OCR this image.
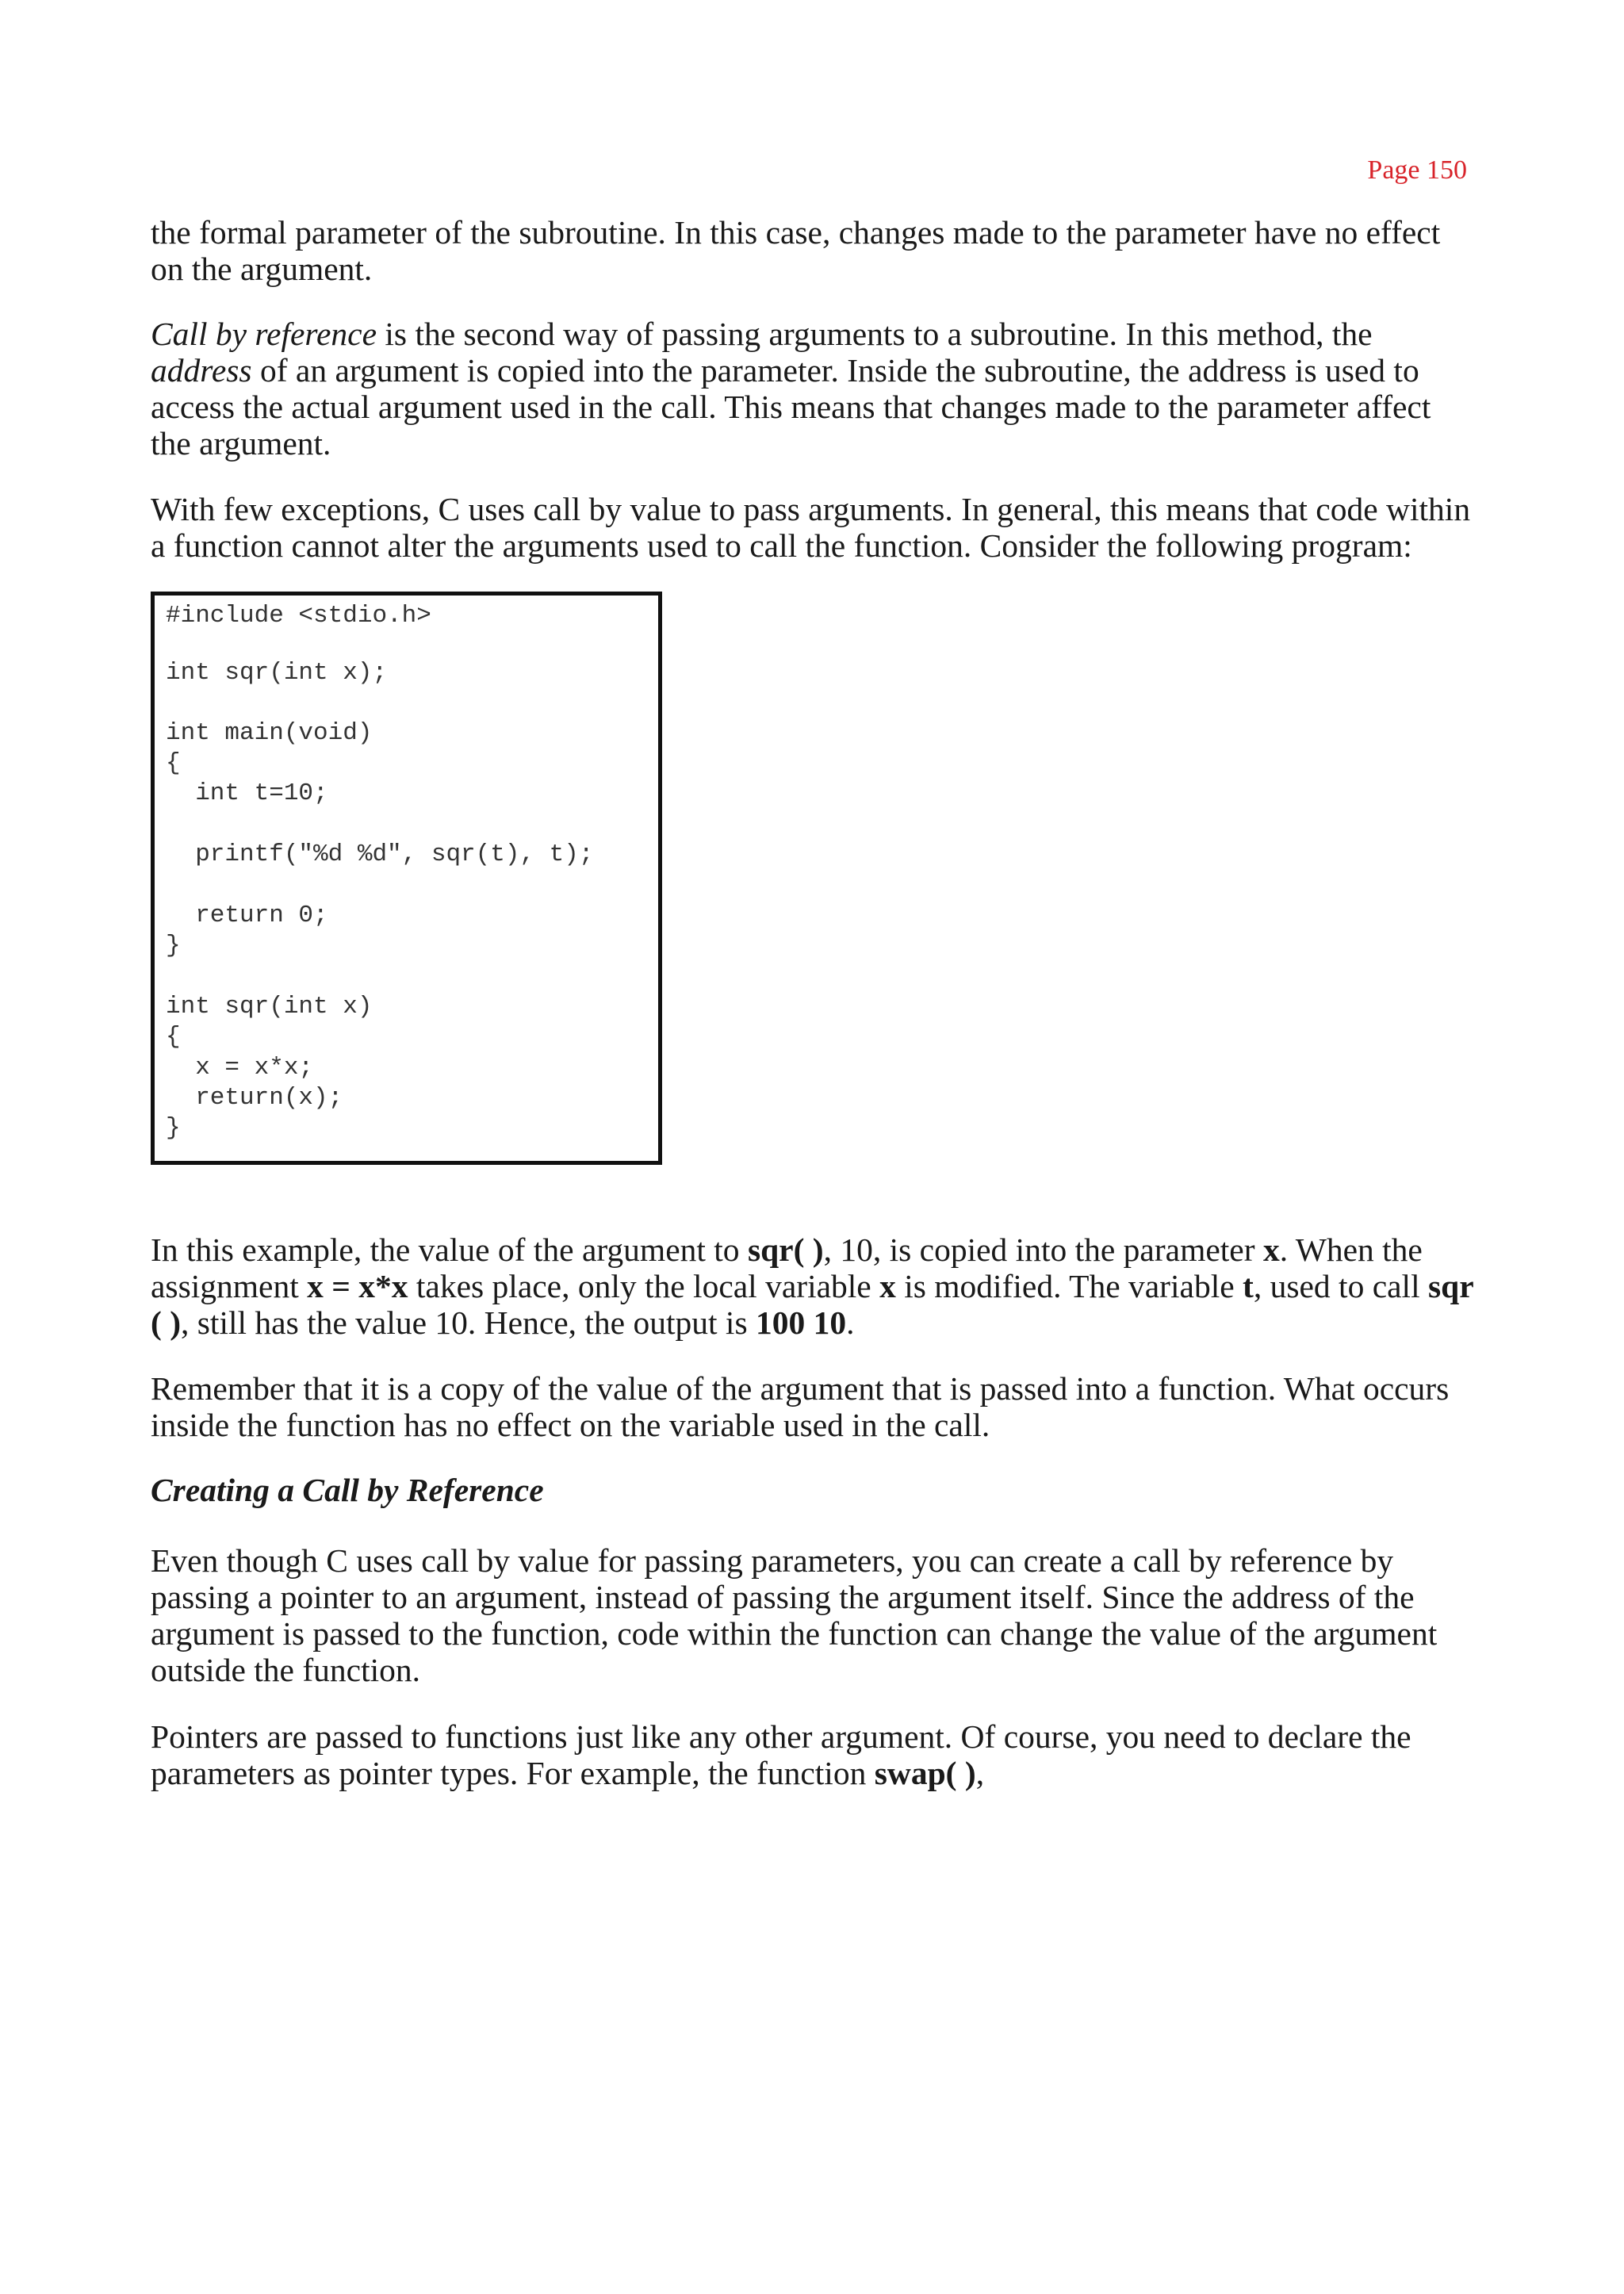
Page 150

the formal parameter of the subroutine. In this case, changes made to the parameter have no effect on the argument.

Call by reference is the second way of passing arguments to a subroutine. In this method, the address of an argument is copied into the parameter. Inside the subroutine, the address is used to access the actual argument used in the call. This means that changes made to the parameter affect the argument.

With few exceptions, C uses call by value to pass arguments. In general, this means that code within a function cannot alter the arguments used to call the function. Consider the following program:

#include <stdio.h>
int sqr(int x);
int main(void)
{
int t=10;
printf("%d %d", sqr(t), t);
return 0;
}
int sqr(int x)
{
x = x*x;
return(x);
}

In this example, the value of the argument to sqr( ), 10, is copied into the parameter x. When the assignment x = x*x takes place, only the local variable x is modified. The variable t, used to call sqr ( ), still has the value 10. Hence, the output is 100 10.

Remember that it is a copy of the value of the argument that is passed into a function. What occurs inside the function has no effect on the variable used in the call.

Creating a Call by Reference

Even though C uses call by value for passing parameters, you can create a call by reference by passing a pointer to an argument, instead of passing the argument itself. Since the address of the argument is passed to the function, code within the function can change the value of the argument outside the function.

Pointers are passed to functions just like any other argument. Of course, you need to declare the parameters as pointer types. For example, the function swap( ),
